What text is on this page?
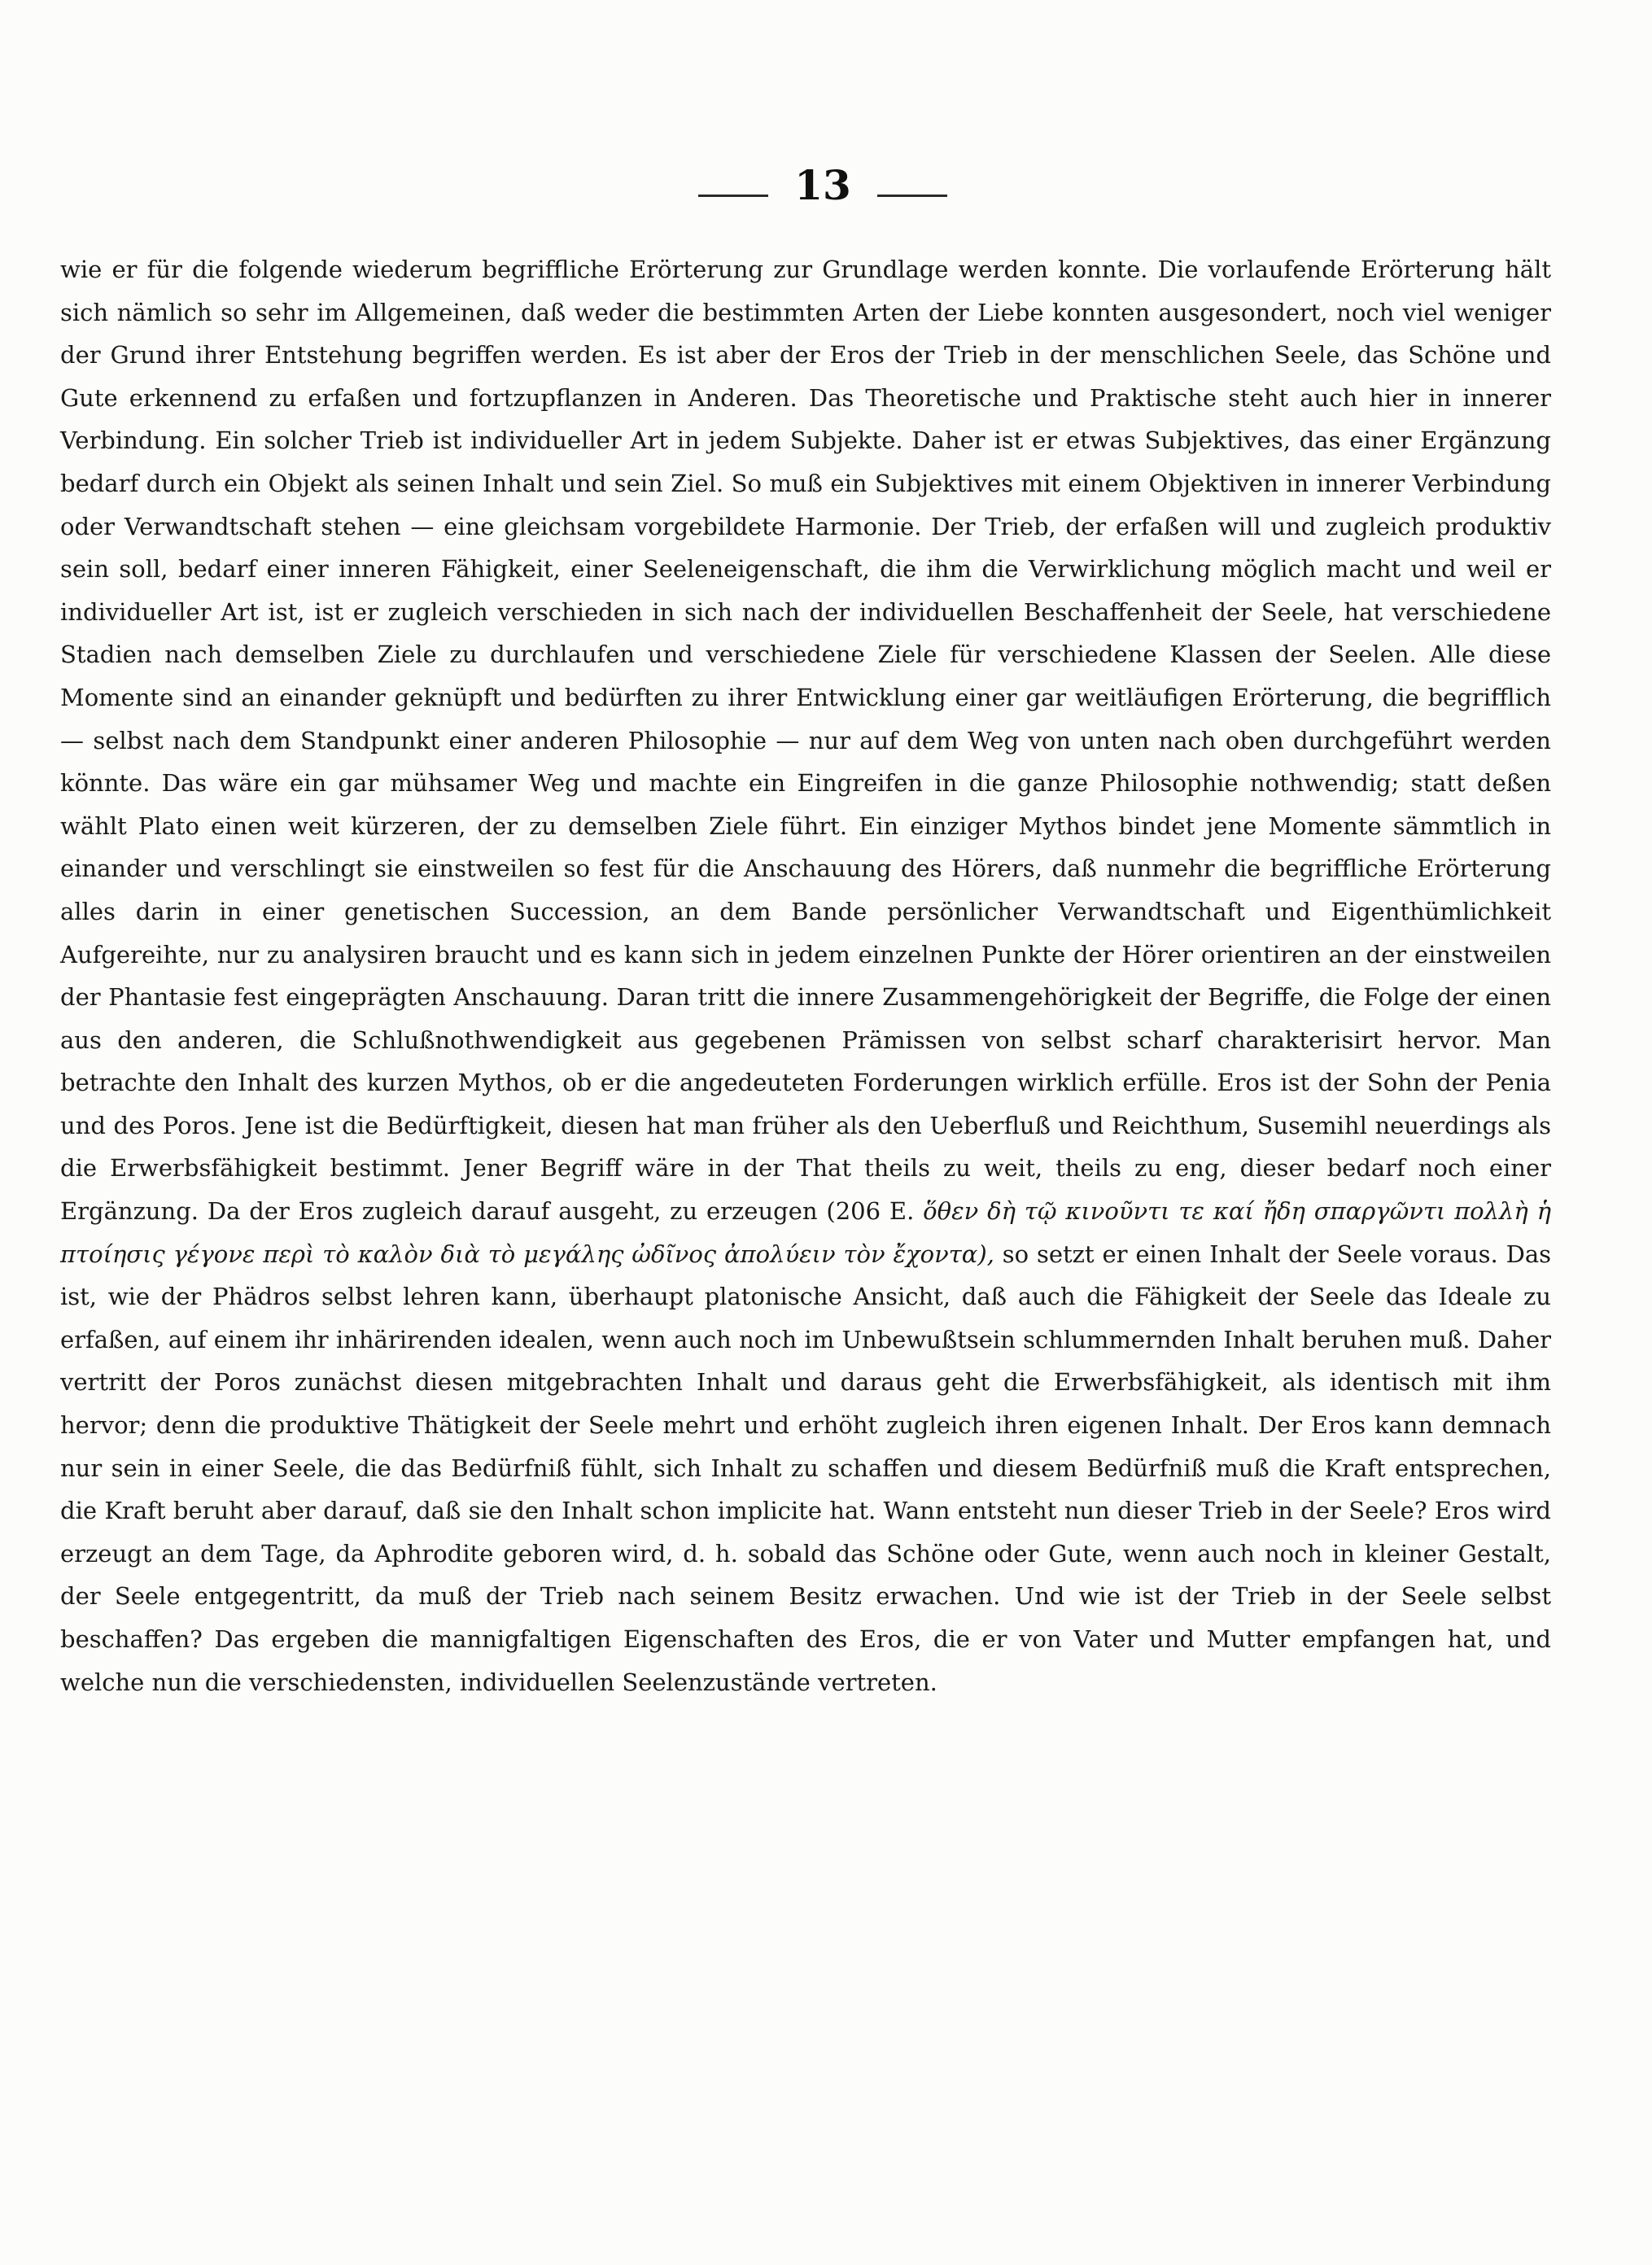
13

wie er für die folgende wiederum begriffliche Erörterung zur Grundlage werden konnte. Die vorlaufende Erörterung hält sich nämlich so sehr im Allgemeinen, daß weder die bestimmten Arten der Liebe konnten ausgesondert, noch viel weniger der Grund ihrer Entstehung begriffen werden. Es ist aber der Eros der Trieb in der menschlichen Seele, das Schöne und Gute erkennend zu erfaßen und fortzupflanzen in Anderen. Das Theoretische und Praktische steht auch hier in innerer Verbindung. Ein solcher Trieb ist individueller Art in jedem Subjekte. Daher ist er etwas Subjektives, das einer Ergänzung bedarf durch ein Objekt als seinen Inhalt und sein Ziel. So muß ein Subjektives mit einem Objektiven in innerer Verbindung oder Verwandtschaft stehen — eine gleichsam vorgebildete Harmonie. Der Trieb, der erfaßen will und zugleich produktiv sein soll, bedarf einer inneren Fähigkeit, einer Seeleneigenschaft, die ihm die Verwirklichung möglich macht und weil er individueller Art ist, ist er zugleich verschieden in sich nach der individuellen Beschaffenheit der Seele, hat verschiedene Stadien nach demselben Ziele zu durchlaufen und verschiedene Ziele für verschiedene Klassen der Seelen. Alle diese Momente sind an einander geknüpft und bedürften zu ihrer Entwicklung einer gar weitläufigen Erörterung, die begrifflich — selbst nach dem Standpunkt einer anderen Philosophie — nur auf dem Weg von unten nach oben durchgeführt werden könnte. Das wäre ein gar mühsamer Weg und machte ein Eingreifen in die ganze Philosophie nothwendig; statt deßen wählt Plato einen weit kürzeren, der zu demselben Ziele führt. Ein einziger Mythos bindet jene Momente sämmtlich in einander und verschlingt sie einstweilen so fest für die Anschauung des Hörers, daß nunmehr die begriffliche Erörterung alles darin in einer genetischen Succession, an dem Bande persönlicher Verwandtschaft und Eigenthümlichkeit Aufgereihte, nur zu analysiren braucht und es kann sich in jedem einzelnen Punkte der Hörer orientiren an der einstweilen der Phantasie fest eingeprägten Anschauung. Daran tritt die innere Zusammengehörigkeit der Begriffe, die Folge der einen aus den anderen, die Schlußnothwendigkeit aus gegebenen Prämissen von selbst scharf charakterisirt hervor. Man betrachte den Inhalt des kurzen Mythos, ob er die angedeuteten Forderungen wirklich erfülle. Eros ist der Sohn der Penia und des Poros. Jene ist die Bedürftigkeit, diesen hat man früher als den Ueberfluß und Reichthum, Susemihl neuerdings als die Erwerbsfähigkeit bestimmt. Jener Begriff wäre in der That theils zu weit, theils zu eng, dieser bedarf noch einer Ergänzung. Da der Eros zugleich darauf ausgeht, zu erzeugen (206 E. ὅθεν δὴ τῷ κινοῦντι τε καί ἤδη σπαργῶντι πολλὴ ἡ πτοίησις γέγονε περὶ τὸ καλὸν διὰ τὸ μεγάλης ὠδῖνος ἀπολύειν τὸν ἔχοντα), so setzt er einen Inhalt der Seele voraus. Das ist, wie der Phädros selbst lehren kann, überhaupt platonische Ansicht, daß auch die Fähigkeit der Seele das Ideale zu erfaßen, auf einem ihr inhärirenden idealen, wenn auch noch im Unbewußtsein schlummernden Inhalt beruhen muß. Daher vertritt der Poros zunächst diesen mitgebrachten Inhalt und daraus geht die Erwerbsfähigkeit, als identisch mit ihm hervor; denn die produktive Thätigkeit der Seele mehrt und erhöht zugleich ihren eigenen Inhalt. Der Eros kann demnach nur sein in einer Seele, die das Bedürfniß fühlt, sich Inhalt zu schaffen und diesem Bedürfniß muß die Kraft entsprechen, die Kraft beruht aber darauf, daß sie den Inhalt schon implicite hat. Wann entsteht nun dieser Trieb in der Seele? Eros wird erzeugt an dem Tage, da Aphrodite geboren wird, d. h. sobald das Schöne oder Gute, wenn auch noch in kleiner Gestalt, der Seele entgegentritt, da muß der Trieb nach seinem Besitz erwachen. Und wie ist der Trieb in der Seele selbst beschaffen? Das ergeben die mannigfaltigen Eigenschaften des Eros, die er von Vater und Mutter empfangen hat, und welche nun die verschiedensten, individuellen Seelenzustände vertreten.
